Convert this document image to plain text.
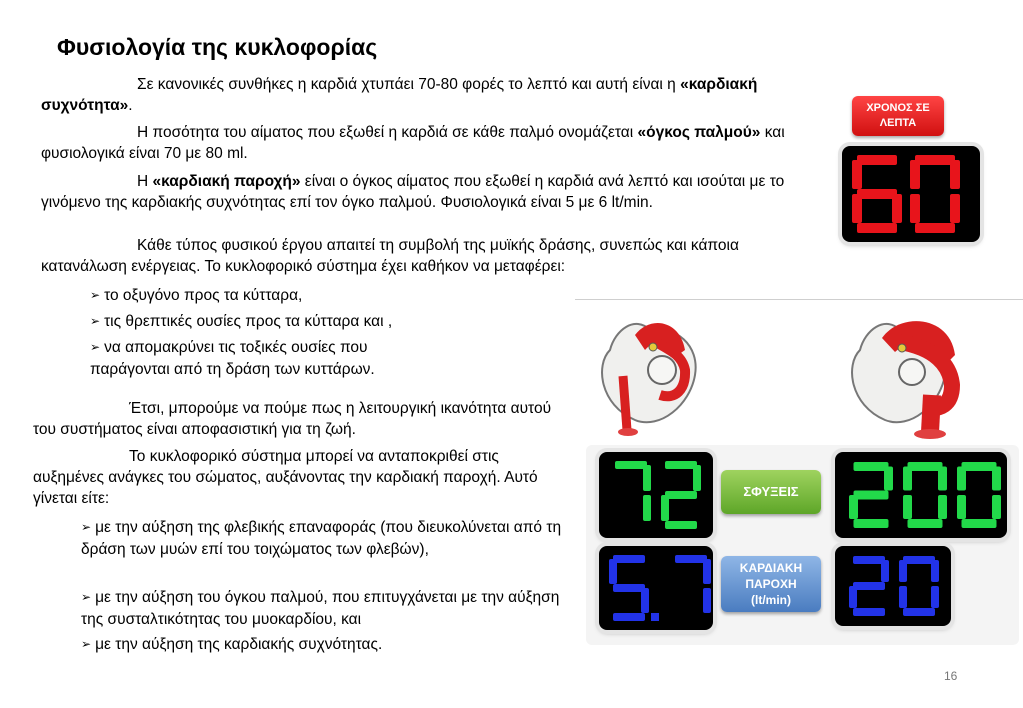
Φυσιολογία της κυκλοφορίας
Σε κανονικές συνθήκες η καρδιά χτυπάει 70-80 φορές το λεπτό και αυτή είναι η «καρδιακή συχνότητα».
Η ποσότητα του αίματος που εξωθεί η καρδιά σε κάθε παλμό ονομάζεται «όγκος παλμού» και φυσιολογικά είναι 70 με 80 ml.
Η «καρδιακή παροχή» είναι ο όγκος αίματος που εξωθεί η καρδιά ανά λεπτό και ισούται με το γινόμενο της καρδιακής συχνότητας επί τον όγκο παλμού. Φυσιολογικά είναι 5 με 6 lt/min.
Κάθε τύπος φυσικού έργου απαιτεί τη συμβολή της μυϊκής δράσης, συνεπώς και κάποια κατανάλωση ενέργειας. Το κυκλοφορικό σύστημα έχει καθήκον να μεταφέρει:
➢ το οξυγόνο προς τα κύτταρα,
➢ τις θρεπτικές ουσίες προς τα κύτταρα και ,
➢ να απομακρύνει τις τοξικές ουσίες που παράγονται από τη δράση των κυττάρων.
Έτσι, μπορούμε να πούμε πως η λειτουργική ικανότητα αυτού του συστήματος είναι αποφασιστική για τη ζωή.
Το κυκλοφορικό σύστημα μπορεί να ανταποκριθεί στις αυξημένες ανάγκες του σώματος, αυξάνοντας την καρδιακή παροχή. Αυτό γίνεται είτε:
➢ με την αύξηση της φλεβικής επαναφοράς (που διευκολύνεται από τη δράση των μυών επί του τοιχώματος των φλεβών),
➢ με την αύξηση του όγκου παλμού, που επιτυγχάνεται με την αύξηση της συσταλτικότητας του μυοκαρδίου, και
➢ με την αύξηση της καρδιακής συχνότητας.
ΧΡΟΝΟΣ ΣΕ ΛΕΠΤΑ
ΣΦΥΞΕΙΣ
ΚΑΡΔΙΑΚΗ
ΠΑΡΟΧΗ
(lt/min)
16
